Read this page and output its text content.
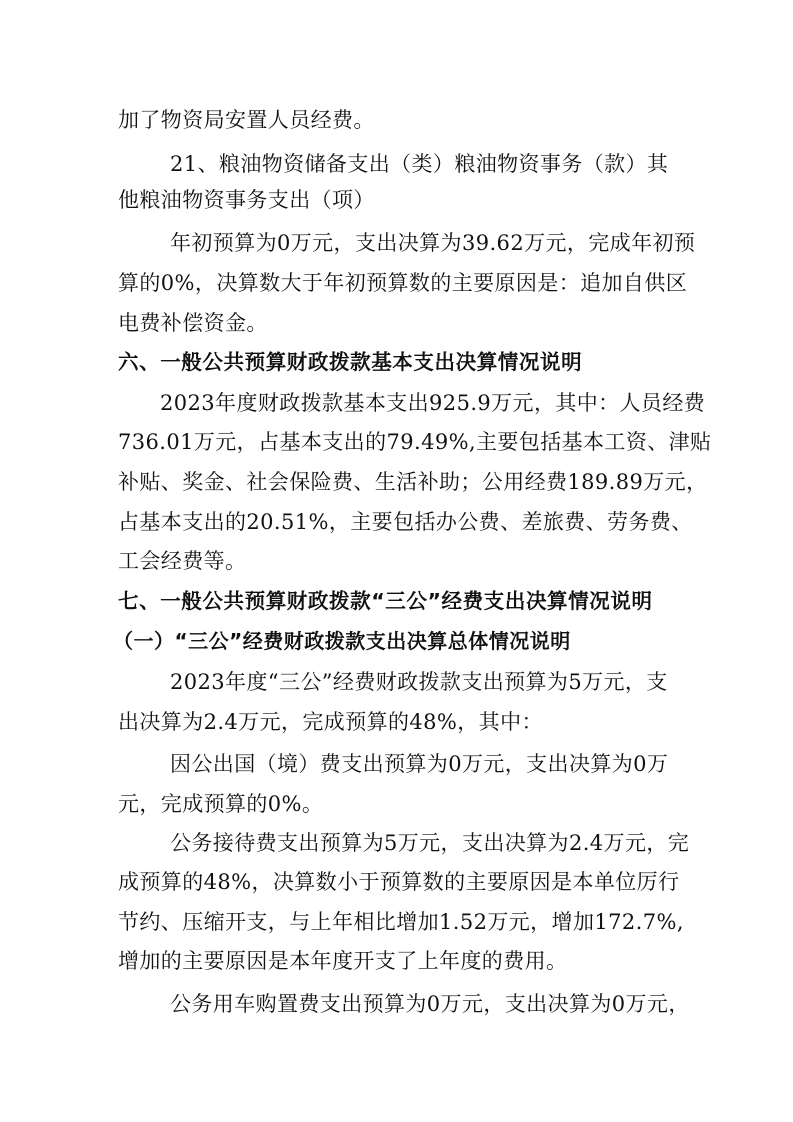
加了物资局安置人员经费。
21、粮油物资储备支出（类）粮油物资事务（款）其
他粮油物资事务支出（项）
年初预算为0万元，支出决算为39.62万元，完成年初预
算的0%，决算数大于年初预算数的主要原因是：追加自供区
电费补偿资金。
六、一般公共预算财政拨款基本支出决算情况说明
2023年度财政拨款基本支出925.9万元，其中：人员经费
736.01万元，占基本支出的79.49%,主要包括基本工资、津贴
补贴、奖金、社会保险费、生活补助；公用经费189.89万元，
占基本支出的20.51%，主要包括办公费、差旅费、劳务费、
工会经费等。
七、一般公共预算财政拨款“三公”经费支出决算情况说明
（一）“三公”经费财政拨款支出决算总体情况说明
2023年度“三公”经费财政拨款支出预算为5万元，支
出决算为2.4万元，完成预算的48%，其中：
因公出国（境）费支出预算为0万元，支出决算为0万
元，完成预算的0%。
公务接待费支出预算为5万元，支出决算为2.4万元，完
成预算的48%，决算数小于预算数的主要原因是本单位厉行
节约、压缩开支，与上年相比增加1.52万元，增加172.7%,
增加的主要原因是本年度开支了上年度的费用。
公务用车购置费支出预算为0万元，支出决算为0万元，
